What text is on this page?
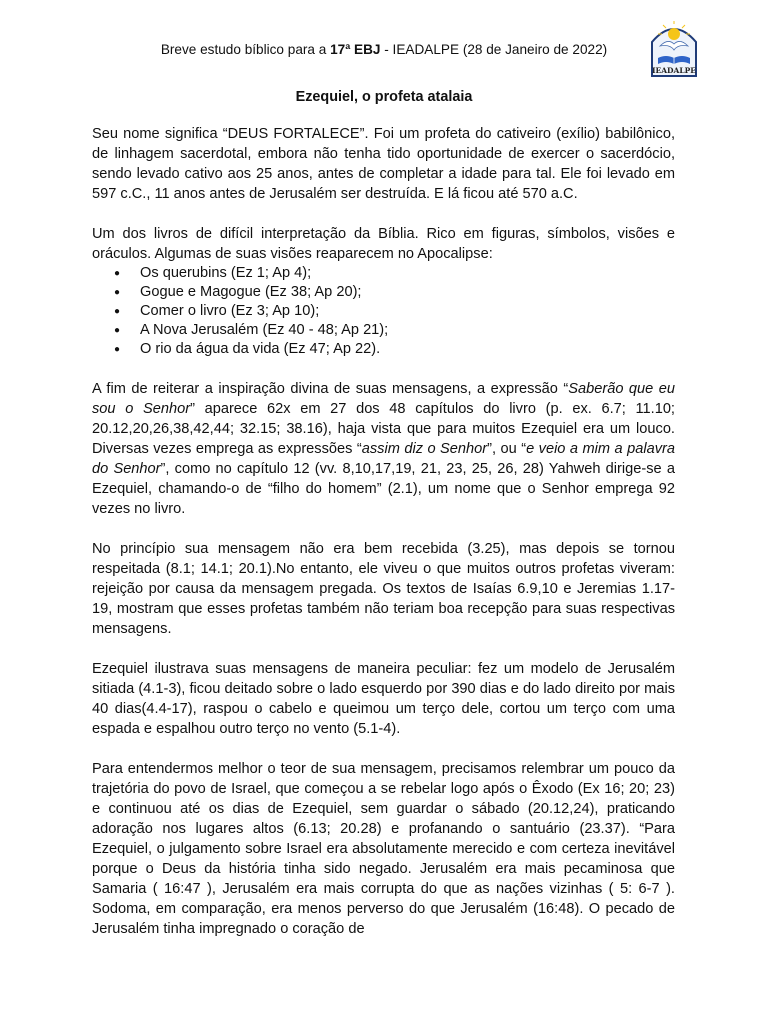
Breve estudo bíblico para a 17ª EBJ - IEADALPE (28 de Janeiro de 2022)
IEADALPE
Ezequiel, o profeta atalaia

Seu nome significa “DEUS FORTALECE”. Foi um profeta do cativeiro (exílio) babilônico, de linhagem sacerdotal, embora não tenha tido oportunidade de exercer o sacerdócio, sendo levado cativo aos 25 anos, antes de completar a idade para tal. Ele foi levado em 597 c.C., 11 anos antes de Jerusalém ser destruída. E lá ficou até 570 a.C.

Um dos livros de difícil interpretação da Bíblia. Rico em figuras, símbolos, visões e oráculos. Algumas de suas visões reaparecem no Apocalipse:

● Os querubins (Ez 1; Ap 4);
● Gogue e Magogue (Ez 38; Ap 20);
● Comer o livro (Ez 3; Ap 10);
● A Nova Jerusalém (Ez 40 - 48; Ap 21);
● O rio da água da vida (Ez 47; Ap 22).

A fim de reiterar a inspiração divina de suas mensagens, a expressão “Saberão que eu sou o Senhor” aparece 62x em 27 dos 48 capítulos do livro (p. ex. 6.7; 11.10; 20.12,20,26,38,42,44; 32.15; 38.16), haja vista que para muitos Ezequiel era um louco. Diversas vezes emprega as expressões “assim diz o Senhor”, ou “e veio a mim a palavra do Senhor”, como no capítulo 12 (vv. 8,10,17,19, 21, 23, 25, 26, 28) Yahweh dirige-se a Ezequiel, chamando-o de “filho do homem” (2.1), um nome que o Senhor emprega 92 vezes no livro.

No princípio sua mensagem não era bem recebida (3.25), mas depois se tornou respeitada (8.1; 14.1; 20.1).No entanto, ele viveu o que muitos outros profetas viveram: rejeição por causa da mensagem pregada. Os textos de Isaías 6.9,10 e Jeremias 1.17-19, mostram que esses profetas também não teriam boa recepção para suas respectivas mensagens.

Ezequiel ilustrava suas mensagens de maneira peculiar: fez um modelo de Jerusalém sitiada (4.1-3), ficou deitado sobre o lado esquerdo por 390 dias e do lado direito por mais 40 dias(4.4-17), raspou o cabelo e queimou um terço dele, cortou um terço com uma espada e espalhou outro terço no vento (5.1-4).

Para entendermos melhor o teor de sua mensagem, precisamos relembrar um pouco da trajetória do povo de Israel, que começou a se rebelar logo após o Êxodo (Ex 16; 20; 23) e continuou até os dias de Ezequiel, sem guardar o sábado (20.12,24), praticando adoração nos lugares altos (6.13; 20.28) e profanando o santuário (23.37). “Para Ezequiel, o julgamento sobre Israel era absolutamente merecido e com certeza inevitável porque o Deus da história tinha sido negado. Jerusalém era mais pecaminosa que Samaria ( 16:47 ), Jerusalém era mais corrupta do que as nações vizinhas ( 5: 6-7 ). Sodoma, em comparação, era menos perverso do que Jerusalém (16:48). O pecado de Jerusalém tinha impregnado o coração de
